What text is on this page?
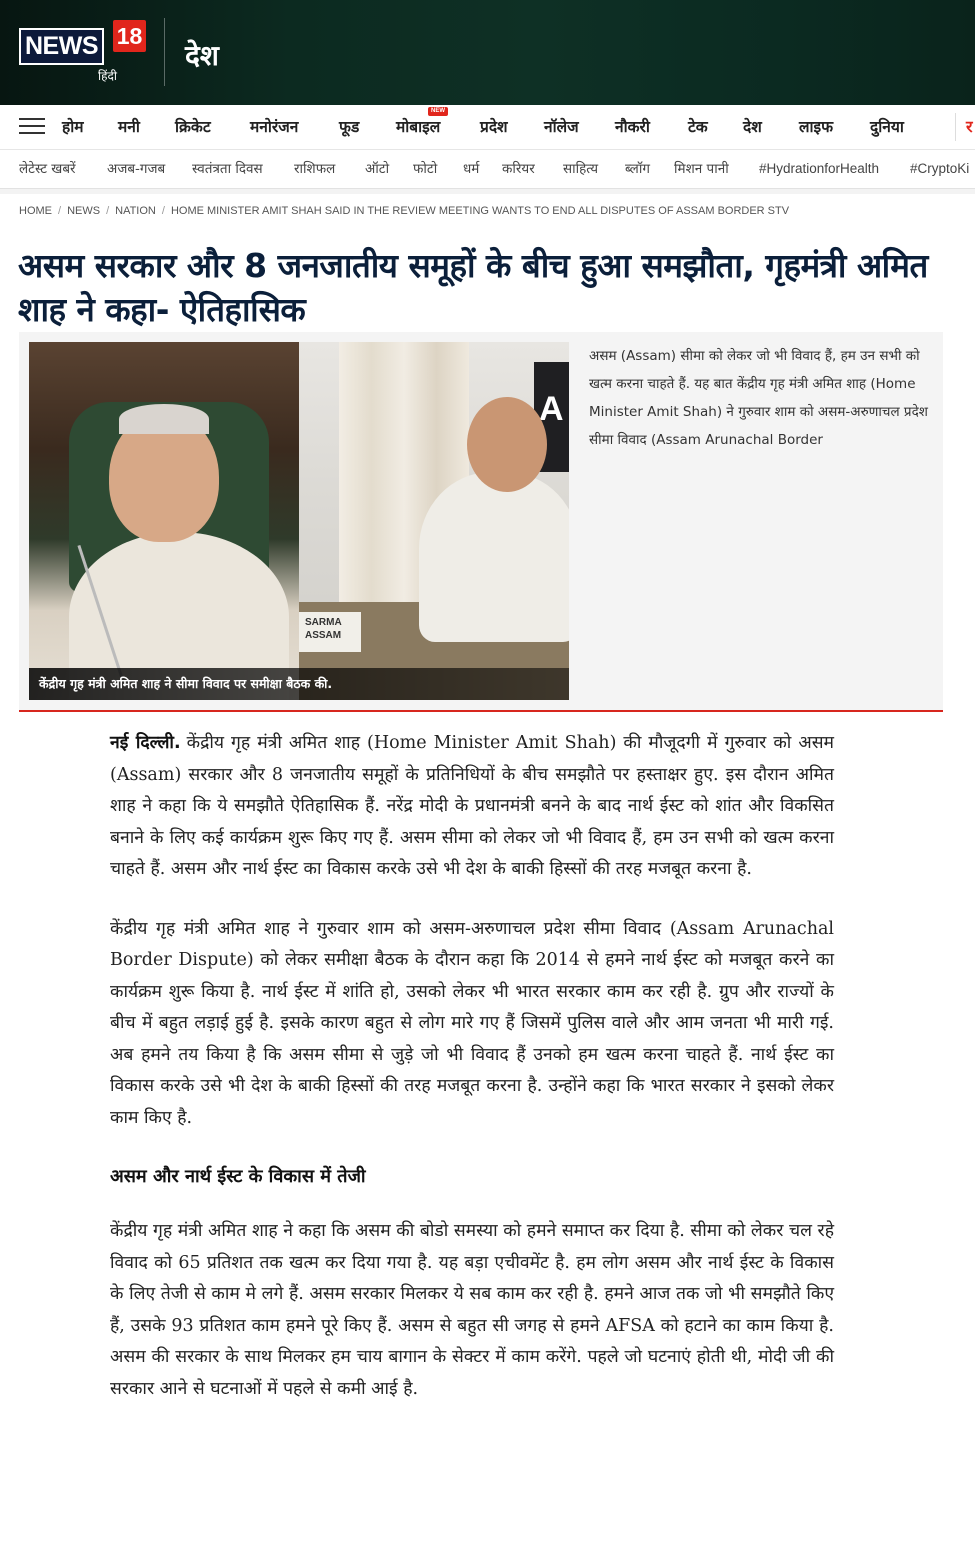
NEWS 18
हिंदी
देश
होम	मनी	क्रिकेट	मनोरंजन	फूड	मोबाइल
NEW
प्रदेश	नॉलेज	नौकरी	टेक	देश	लाइफ	दुनिया	र
लेटेस्ट खबरें	अजब-गजब	स्वतंत्रता दिवस	राशिफल	ऑटो	फोटो	धर्म	करियर	साहित्य	ब्लॉग	मिशन पानी	#HydrationforHealth	#CryptoKi
HOME / NEWS / NATION / HOME MINISTER AMIT SHAH SAID IN THE REVIEW MEETING WANTS TO END ALL DISPUTES OF ASSAM BORDER STV
असम सरकार और 8 जनजातीय समूहों के बीच हुआ समझौता, गृहमंत्री अमित शाह ने कहा- ऐतिहासिक
A
SARMA
ASSAM
केंद्रीय गृह मंत्री अमित शाह ने सीमा विवाद पर समीक्षा बैठक की.

असम (Assam) सीमा को लेकर जो भी विवाद हैं, हम उन सभी को खत्म करना चाहते हैं. यह बात केंद्रीय गृह मंत्री अमित शाह (Home Minister Amit Shah) ने गुरुवार शाम को असम-अरुणाचल प्रदेश सीमा विवाद (Assam Arunachal Border

नई दिल्ली. केंद्रीय गृह मंत्री अमित शाह (Home Minister Amit Shah) की मौजूदगी में गुरुवार को असम (Assam) सरकार और 8 जनजातीय समूहों के प्रतिनिधियों के बीच समझौते पर हस्ताक्षर हुए. इस दौरान अमित शाह ने कहा कि ये समझौते ऐतिहासिक हैं. नरेंद्र मोदी के प्रधानमंत्री बनने के बाद नार्थ ईस्ट को शांत और विकसित बनाने के लिए कई कार्यक्रम शुरू किए गए हैं. असम सीमा को लेकर जो भी विवाद हैं, हम उन सभी को खत्म करना चाहते हैं. असम और नार्थ ईस्ट का विकास करके उसे भी देश के बाकी हिस्सों की तरह मजबूत करना है.

केंद्रीय गृह मंत्री अमित शाह ने गुरुवार शाम को असम-अरुणाचल प्रदेश सीमा विवाद (Assam Arunachal Border Dispute) को लेकर समीक्षा बैठक के दौरान कहा कि 2014 से हमने नार्थ ईस्ट को मजबूत करने का कार्यक्रम शुरू किया है. नार्थ ईस्ट में शांति हो, उसको लेकर भी भारत सरकार काम कर रही है. ग्रुप और राज्यों के बीच में बहुत लड़ाई हुई है. इसके कारण बहुत से लोग मारे गए हैं जिसमें पुलिस वाले और आम जनता भी मारी गई. अब हमने तय किया है कि असम सीमा से जुड़े जो भी विवाद हैं उनको हम खत्म करना चाहते हैं. नार्थ ईस्ट का विकास करके उसे भी देश के बाकी हिस्सों की तरह मजबूत करना है. उन्होंने कहा कि भारत सरकार ने इसको लेकर काम किए है.

असम और नार्थ ईस्ट के विकास में तेजी

केंद्रीय गृह मंत्री अमित शाह ने कहा कि असम की बोडो समस्या को हमने समाप्त कर दिया है. सीमा को लेकर चल रहे विवाद को 65 प्रतिशत तक खत्म कर दिया गया है. यह बड़ा एचीवमेंट है. हम लोग असम और नार्थ ईस्ट के विकास के लिए तेजी से काम मे लगे हैं. असम सरकार मिलकर ये सब काम कर रही है. हमने आज तक जो भी समझौते किए हैं, उसके 93 प्रतिशत काम हमने पूरे किए हैं. असम से बहुत सी जगह से हमने AFSA को हटाने का काम किया है. असम की सरकार के साथ मिलकर हम चाय बागान के सेक्टर में काम करेंगे. पहले जो घटनाएं होती थी, मोदी जी की सरकार आने से घटनाओं में पहले से कमी आई है.
